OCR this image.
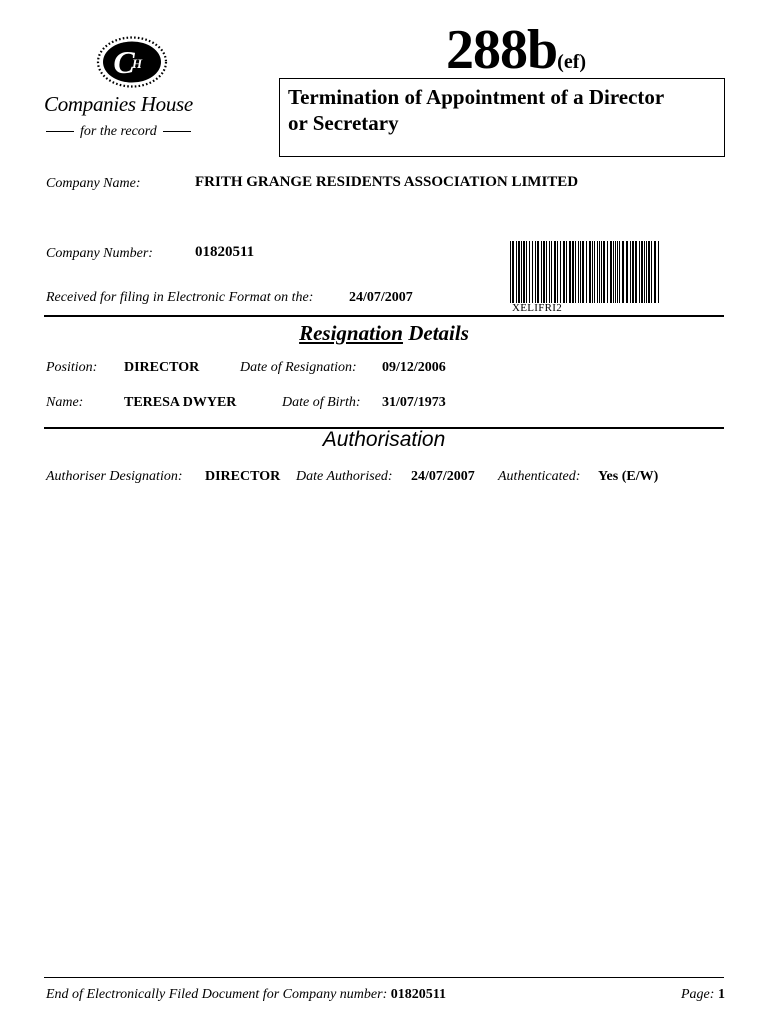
C
H
Companies House
for the record
288b(ef)
Termination of Appointment of a Director
or Secretary
Company Name:	FRITH GRANGE RESIDENTS ASSOCIATION LIMITED
Company Number:	01820511
Received for filing in Electronic Format on the:	24/07/2007
XELIFRI2
Resignation Details
Position: DIRECTOR	Date of Resignation: 09/12/2006
Name:	TERESA DWYER	Date of Birth: 31/07/1973
Authorisation
Authoriser Designation: DIRECTOR Date Authorised: 24/07/2007 Authenticated: Yes (E/W)
End of Electronically Filed Document for Company number: 01820511	Page: 1
